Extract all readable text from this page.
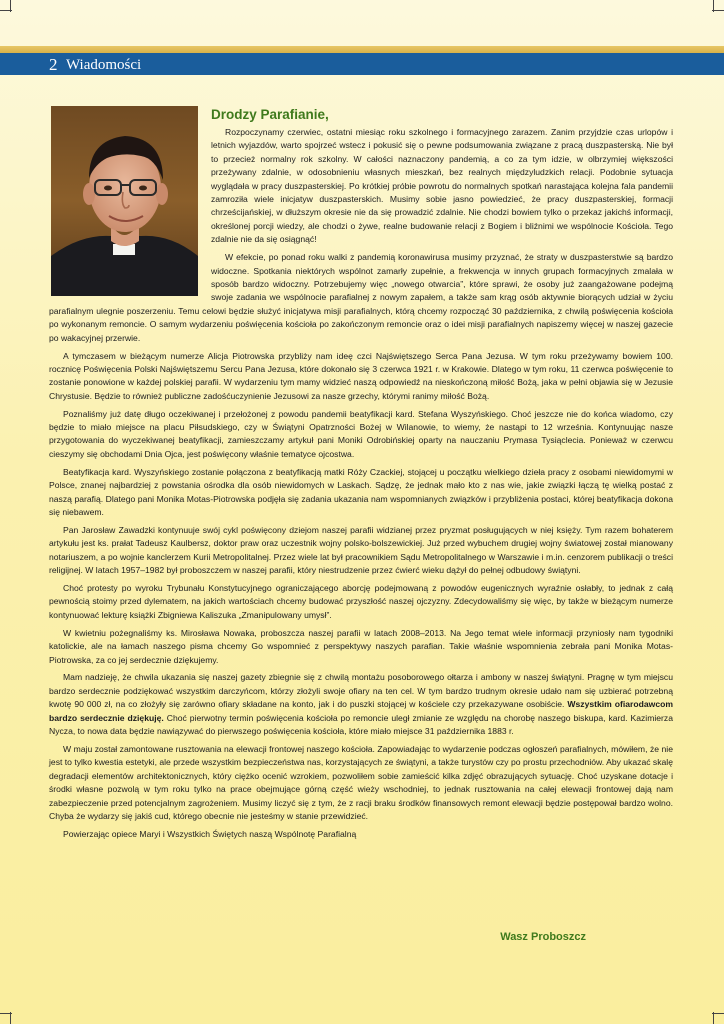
2 Wiadomości
Drodzy Parafianie,

Rozpoczynamy czerwiec, ostatni miesiąc roku szkolnego i formacyjnego zarazem. Zanim przyjdzie czas urlopów i letnich wyjazdów, warto spojrzeć wstecz i pokusić się o pewne podsumowania związane z pracą duszpasterską. Nie był to przecież normalny rok szkolny. W całości naznaczony pandemią, a co za tym idzie, w olbrzymiej większości przeżywany zdalnie, w odosobnieniu własnych mieszkań, bez realnych międzyludzkich relacji. Podobnie sytuacja wyglądała w pracy duszpasterskiej. Po krótkiej próbie powrotu do normalnych spotkań narastająca kolejna fala pandemii zamroziła wiele inicjatyw duszpasterskich. Musimy sobie jasno powiedzieć, że pracy duszpasterskiej, formacji chrześcijańskiej, w dłuższym okresie nie da się prowadzić zdalnie. Nie chodzi bowiem tylko o przekaz jakichś informacji, określonej porcji wiedzy, ale chodzi o żywe, realne budowanie relacji z Bogiem i bliźnimi we wspólnocie Kościoła. Tego zdalnie nie da się osiągnąć!

W efekcie, po ponad roku walki z pandemią koronawirusa musimy przyznać, że straty w duszpasterstwie są bardzo widoczne. Spotkania niektórych wspólnot zamarły zupełnie, a frekwencja w innych grupach formacyjnych zmalała w sposób bardzo widoczny. Potrzebujemy więc „nowego otwarcia”, które sprawi, że osoby już zaangażowane podejmą swoje zadania we wspólnocie parafialnej z nowym zapałem, a także sam krąg osób aktywnie biorących udział w życiu parafialnym ulegnie poszerzeniu. Temu celowi będzie służyć inicjatywa misji parafialnych, którą chcemy rozpocząć 30 października, z chwilą poświęcenia kościoła po wykonanym remoncie. O samym wydarzeniu poświęcenia kościoła po zakończonym remoncie oraz o idei misji parafialnych napiszemy więcej w naszej gazecie po wakacyjnej przerwie.

A tymczasem w bieżącym numerze Alicja Piotrowska przybliży nam ideę czci Najświętszego Serca Pana Jezusa. W tym roku przeżywamy bowiem 100. rocznicę Poświęcenia Polski Najświętszemu Sercu Pana Jezusa, które dokonało się 3 czerwca 1921 r. w Krakowie. Dlatego w tym roku, 11 czerwca poświęcenie to zostanie ponowione w każdej polskiej parafii. W wydarzeniu tym mamy widzieć naszą odpowiedź na nieskończoną miłość Bożą, jaka w pełni objawia się w Jezusie Chrystusie. Będzie to również publiczne zadośćuczynienie Jezusowi za nasze grzechy, którymi ranimy miłość Bożą.

Poznaliśmy już datę długo oczekiwanej i przełożonej z powodu pandemii beatyfikacji kard. Stefana Wyszyńskiego. Choć jeszcze nie do końca wiadomo, czy będzie to miało miejsce na placu Piłsudskiego, czy w Świątyni Opatrzności Bożej w Wilanowie, to wiemy, że nastąpi to 12 września. Kontynuując nasze przygotowania do wyczekiwanej beatyfikacji, zamieszczamy artykuł pani Moniki Odrobińskiej oparty na nauczaniu Prymasa Tysiąclecia. Ponieważ w czerwcu cieszymy się obchodami Dnia Ojca, jest poświęcony właśnie tematyce ojcostwa.

Beatyfikacja kard. Wyszyńskiego zostanie połączona z beatyfikacją matki Róży Czackiej, stojącej u początku wielkiego dzieła pracy z osobami niewidomymi w Polsce, znanej najbardziej z powstania ośrodka dla osób niewidomych w Laskach. Sądzę, że jednak mało kto z nas wie, jakie związki łączą tę wielką postać z naszą parafią. Dlatego pani Monika Motas-Piotrowska podjęła się zadania ukazania nam wspomnianych związków i przybliżenia postaci, której beatyfikacja dokona się niebawem.

Pan Jarosław Zawadzki kontynuuje swój cykl poświęcony dziejom naszej parafii widzianej przez pryzmat posługujących w niej księży. Tym razem bohaterem artykułu jest ks. prałat Tadeusz Kaulbersz, doktor praw oraz uczestnik wojny polsko-bolszewickiej. Już przed wybuchem drugiej wojny światowej został mianowany notariuszem, a po wojnie kanclerzem Kurii Metropolitalnej. Przez wiele lat był pracownikiem Sądu Metropolitalnego w Warszawie i m.in. cenzorem publikacji o treści religijnej. W latach 1957–1982 był proboszczem w naszej parafii, który niestrudzenie przez ćwierć wieku dążył do pełnej odbudowy świątyni.

Choć protesty po wyroku Trybunału Konstytucyjnego ograniczającego aborcję podejmowaną z powodów eugenicznych wyraźnie osłabły, to jednak z całą pewnością stoimy przed dylematem, na jakich wartościach chcemy budować przyszłość naszej ojczyzny. Zdecydowaliśmy się więc, by także w bieżącym numerze kontynuować lekturę książki Zbigniewa Kaliszuka „Zmanipulowany umysł”.

W kwietniu pożegnaliśmy ks. Mirosława Nowaka, proboszcza naszej parafii w latach 2008–2013. Na Jego temat wiele informacji przyniosły nam tygodniki katolickie, ale na łamach naszego pisma chcemy Go wspomnieć z perspektywy naszych parafian. Takie właśnie wspomnienia zebrała pani Monika Motas-Piotrowska, za co jej serdecznie dziękujemy.

Mam nadzieję, że chwila ukazania się naszej gazety zbiegnie się z chwilą montażu posoborowego ołtarza i ambony w naszej świątyni. Pragnę w tym miejscu bardzo serdecznie podziękować wszystkim darczyńcom, którzy złożyli swoje ofiary na ten cel. W tym bardzo trudnym okresie udało nam się uzbierać potrzebną kwotę 90 000 zł, na co złożyły się zarówno ofiary składane na konto, jak i do puszki stojącej w kościele czy przekazywane osobiście. Wszystkim ofiarodawcom bardzo serdecznie dziękuję. Choć pierwotny termin poświęcenia kościoła po remoncie uległ zmianie ze względu na chorobę naszego biskupa, kard. Kazimierza Nycza, to nowa data będzie nawiązywać do pierwszego poświęcenia kościoła, które miało miejsce 31 października 1883 r.

W maju został zamontowane rusztowania na elewacji frontowej naszego kościoła. Zapowiadając to wydarzenie podczas ogłoszeń parafialnych, mówiłem, że nie jest to tylko kwestia estetyki, ale przede wszystkim bezpieczeństwa nas, korzystających ze świątyni, a także turystów czy po prostu przechodniów. Aby ukazać skalę degradacji elementów architektonicznych, który ciężko ocenić wzrokiem, pozwoliłem sobie zamieścić kilka zdjęć obrazujących sytuację. Choć uzyskane dotacje i środki własne pozwolą w tym roku tylko na prace obejmujące górną część wieży wschodniej, to jednak rusztowania na całej elewacji frontowej dają nam zabezpieczenie przed potencjalnym zagrożeniem. Musimy liczyć się z tym, że z racji braku środków finansowych remont elewacji będzie postępował bardzo wolno. Chyba że wydarzy się jakiś cud, którego obecnie nie jesteśmy w stanie przewidzieć.

Powierzając opiece Maryi i Wszystkich Świętych naszą Wspólnotę Parafialną

Wasz Proboszcz
